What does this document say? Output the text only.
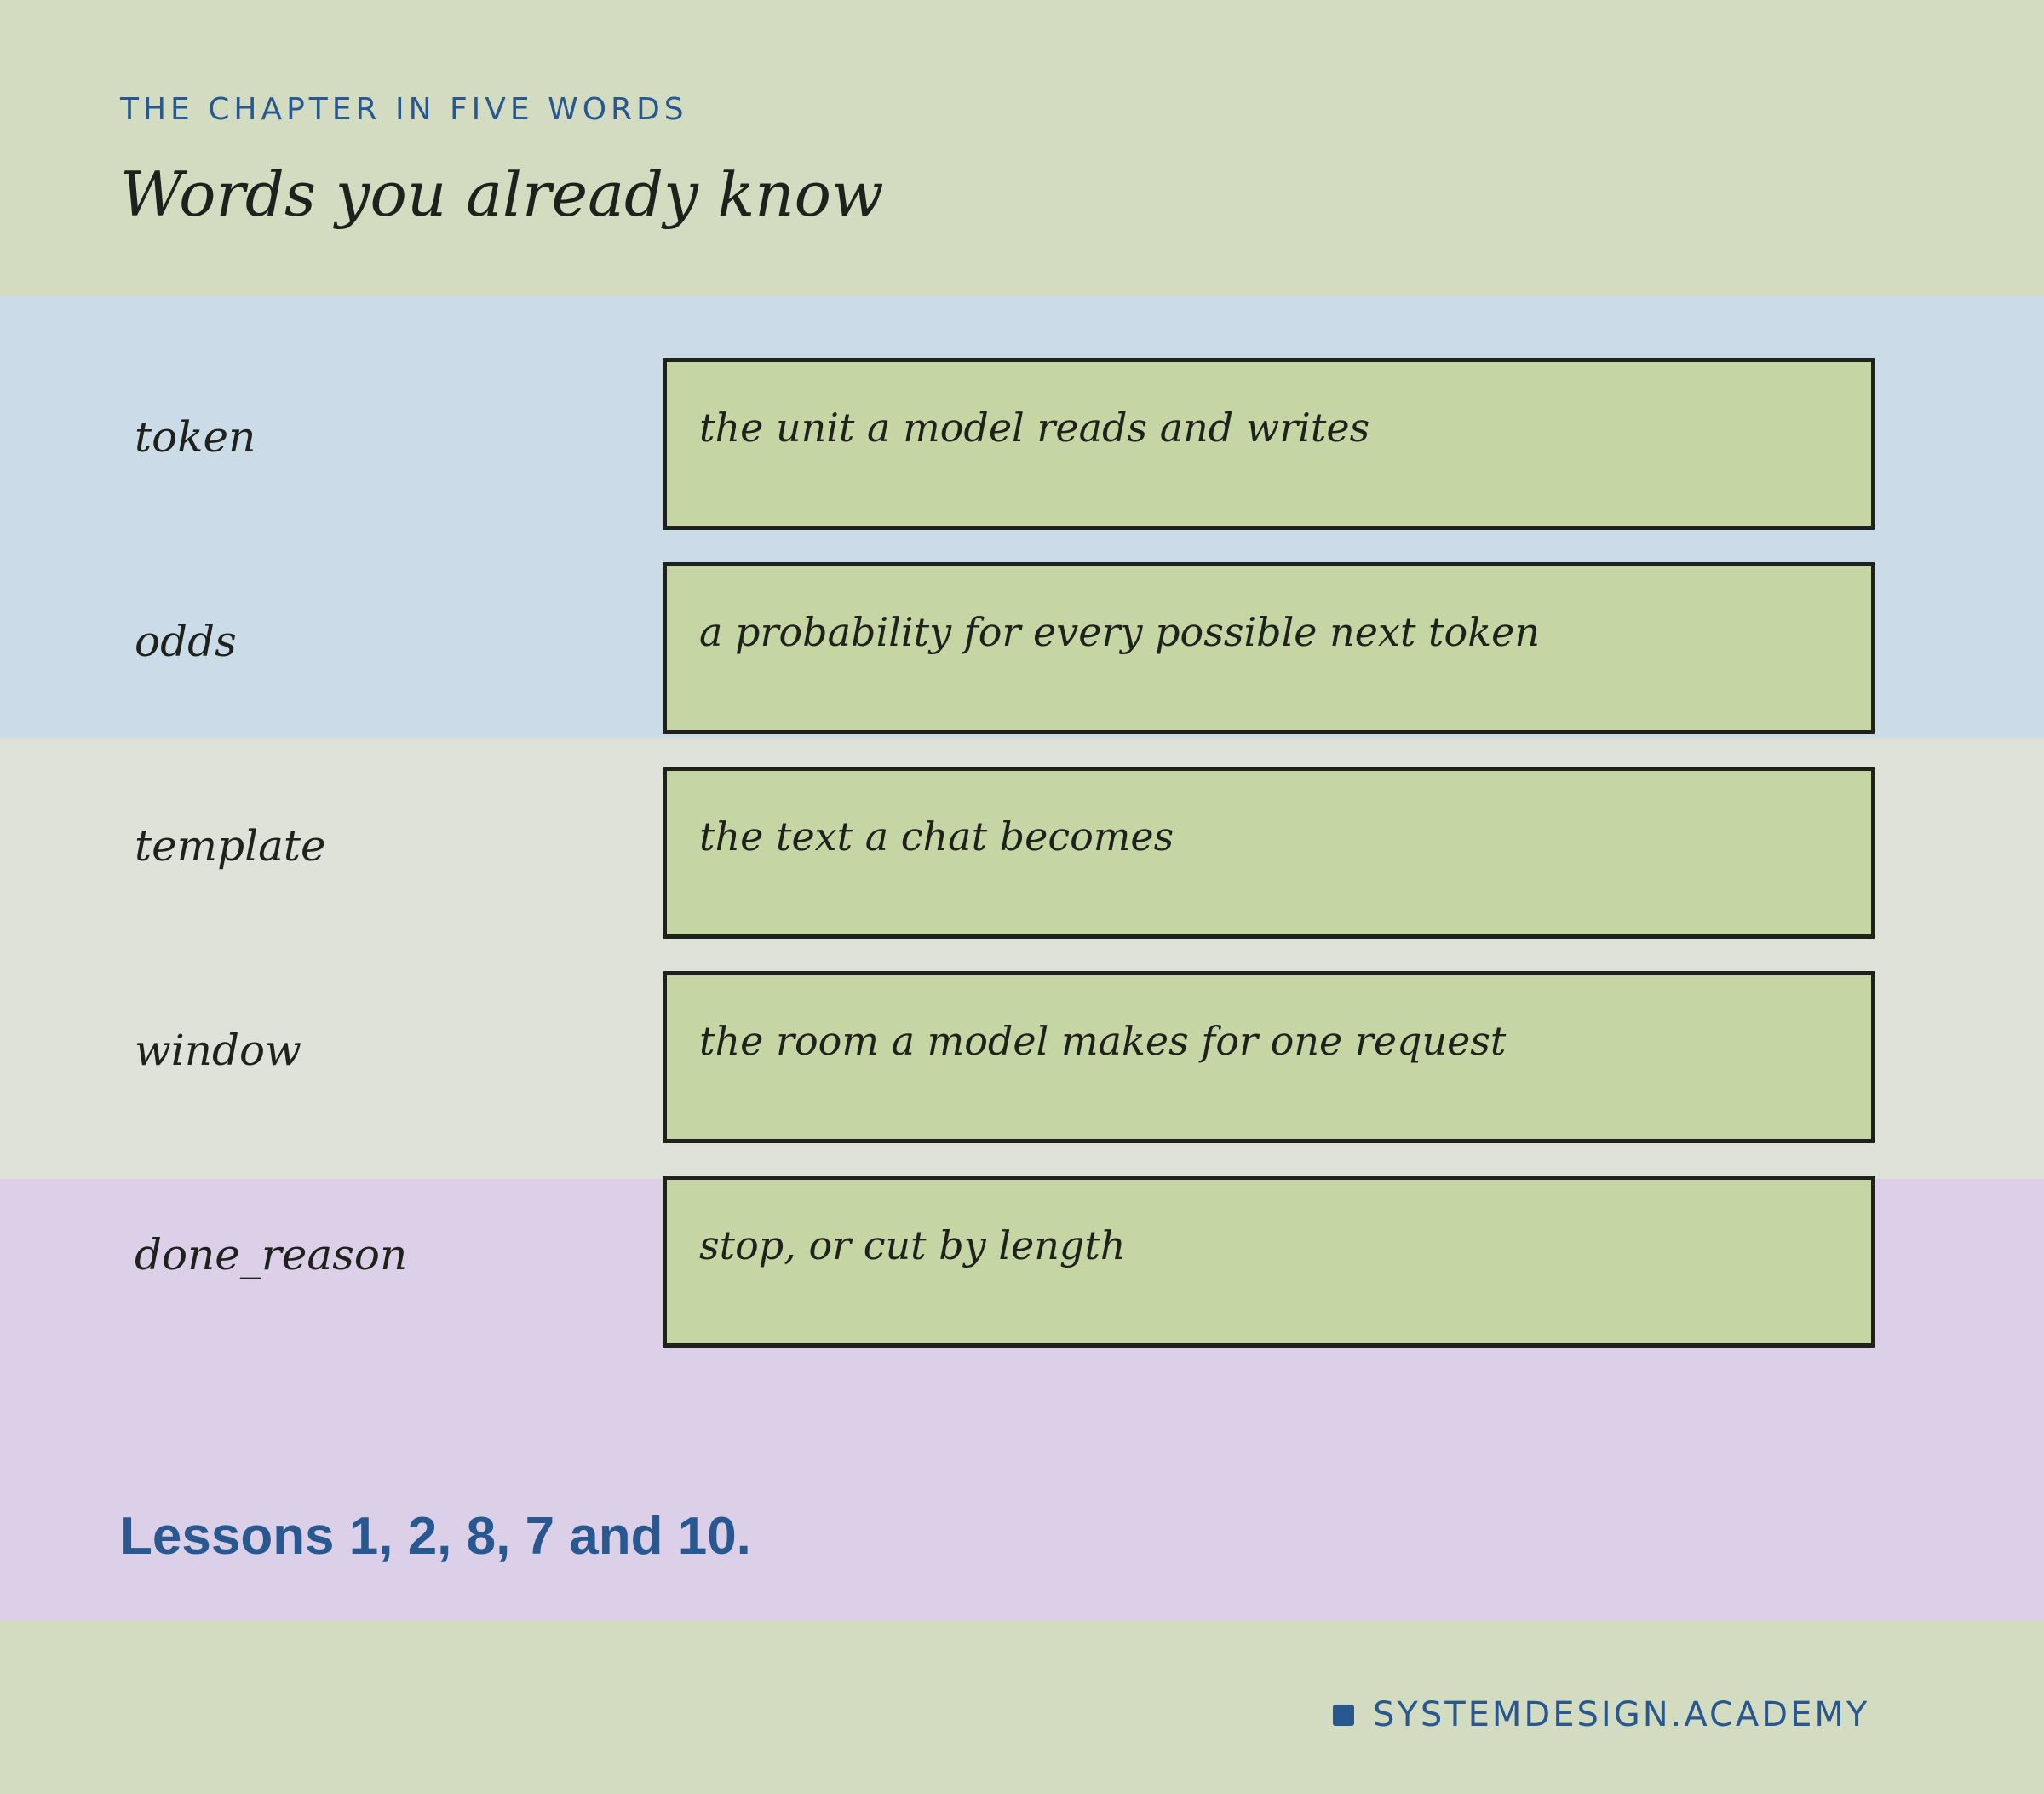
THE CHAPTER IN FIVE WORDS
Words you already know
token	the unit a model reads and writes
odds	a probability for every possible next token
template	the text a chat becomes
window	the room a model makes for one request
done_reason	stop, or cut by length
Lessons 1, 2, 8, 7 and 10.
SYSTEMDESIGN.ACADEMY
